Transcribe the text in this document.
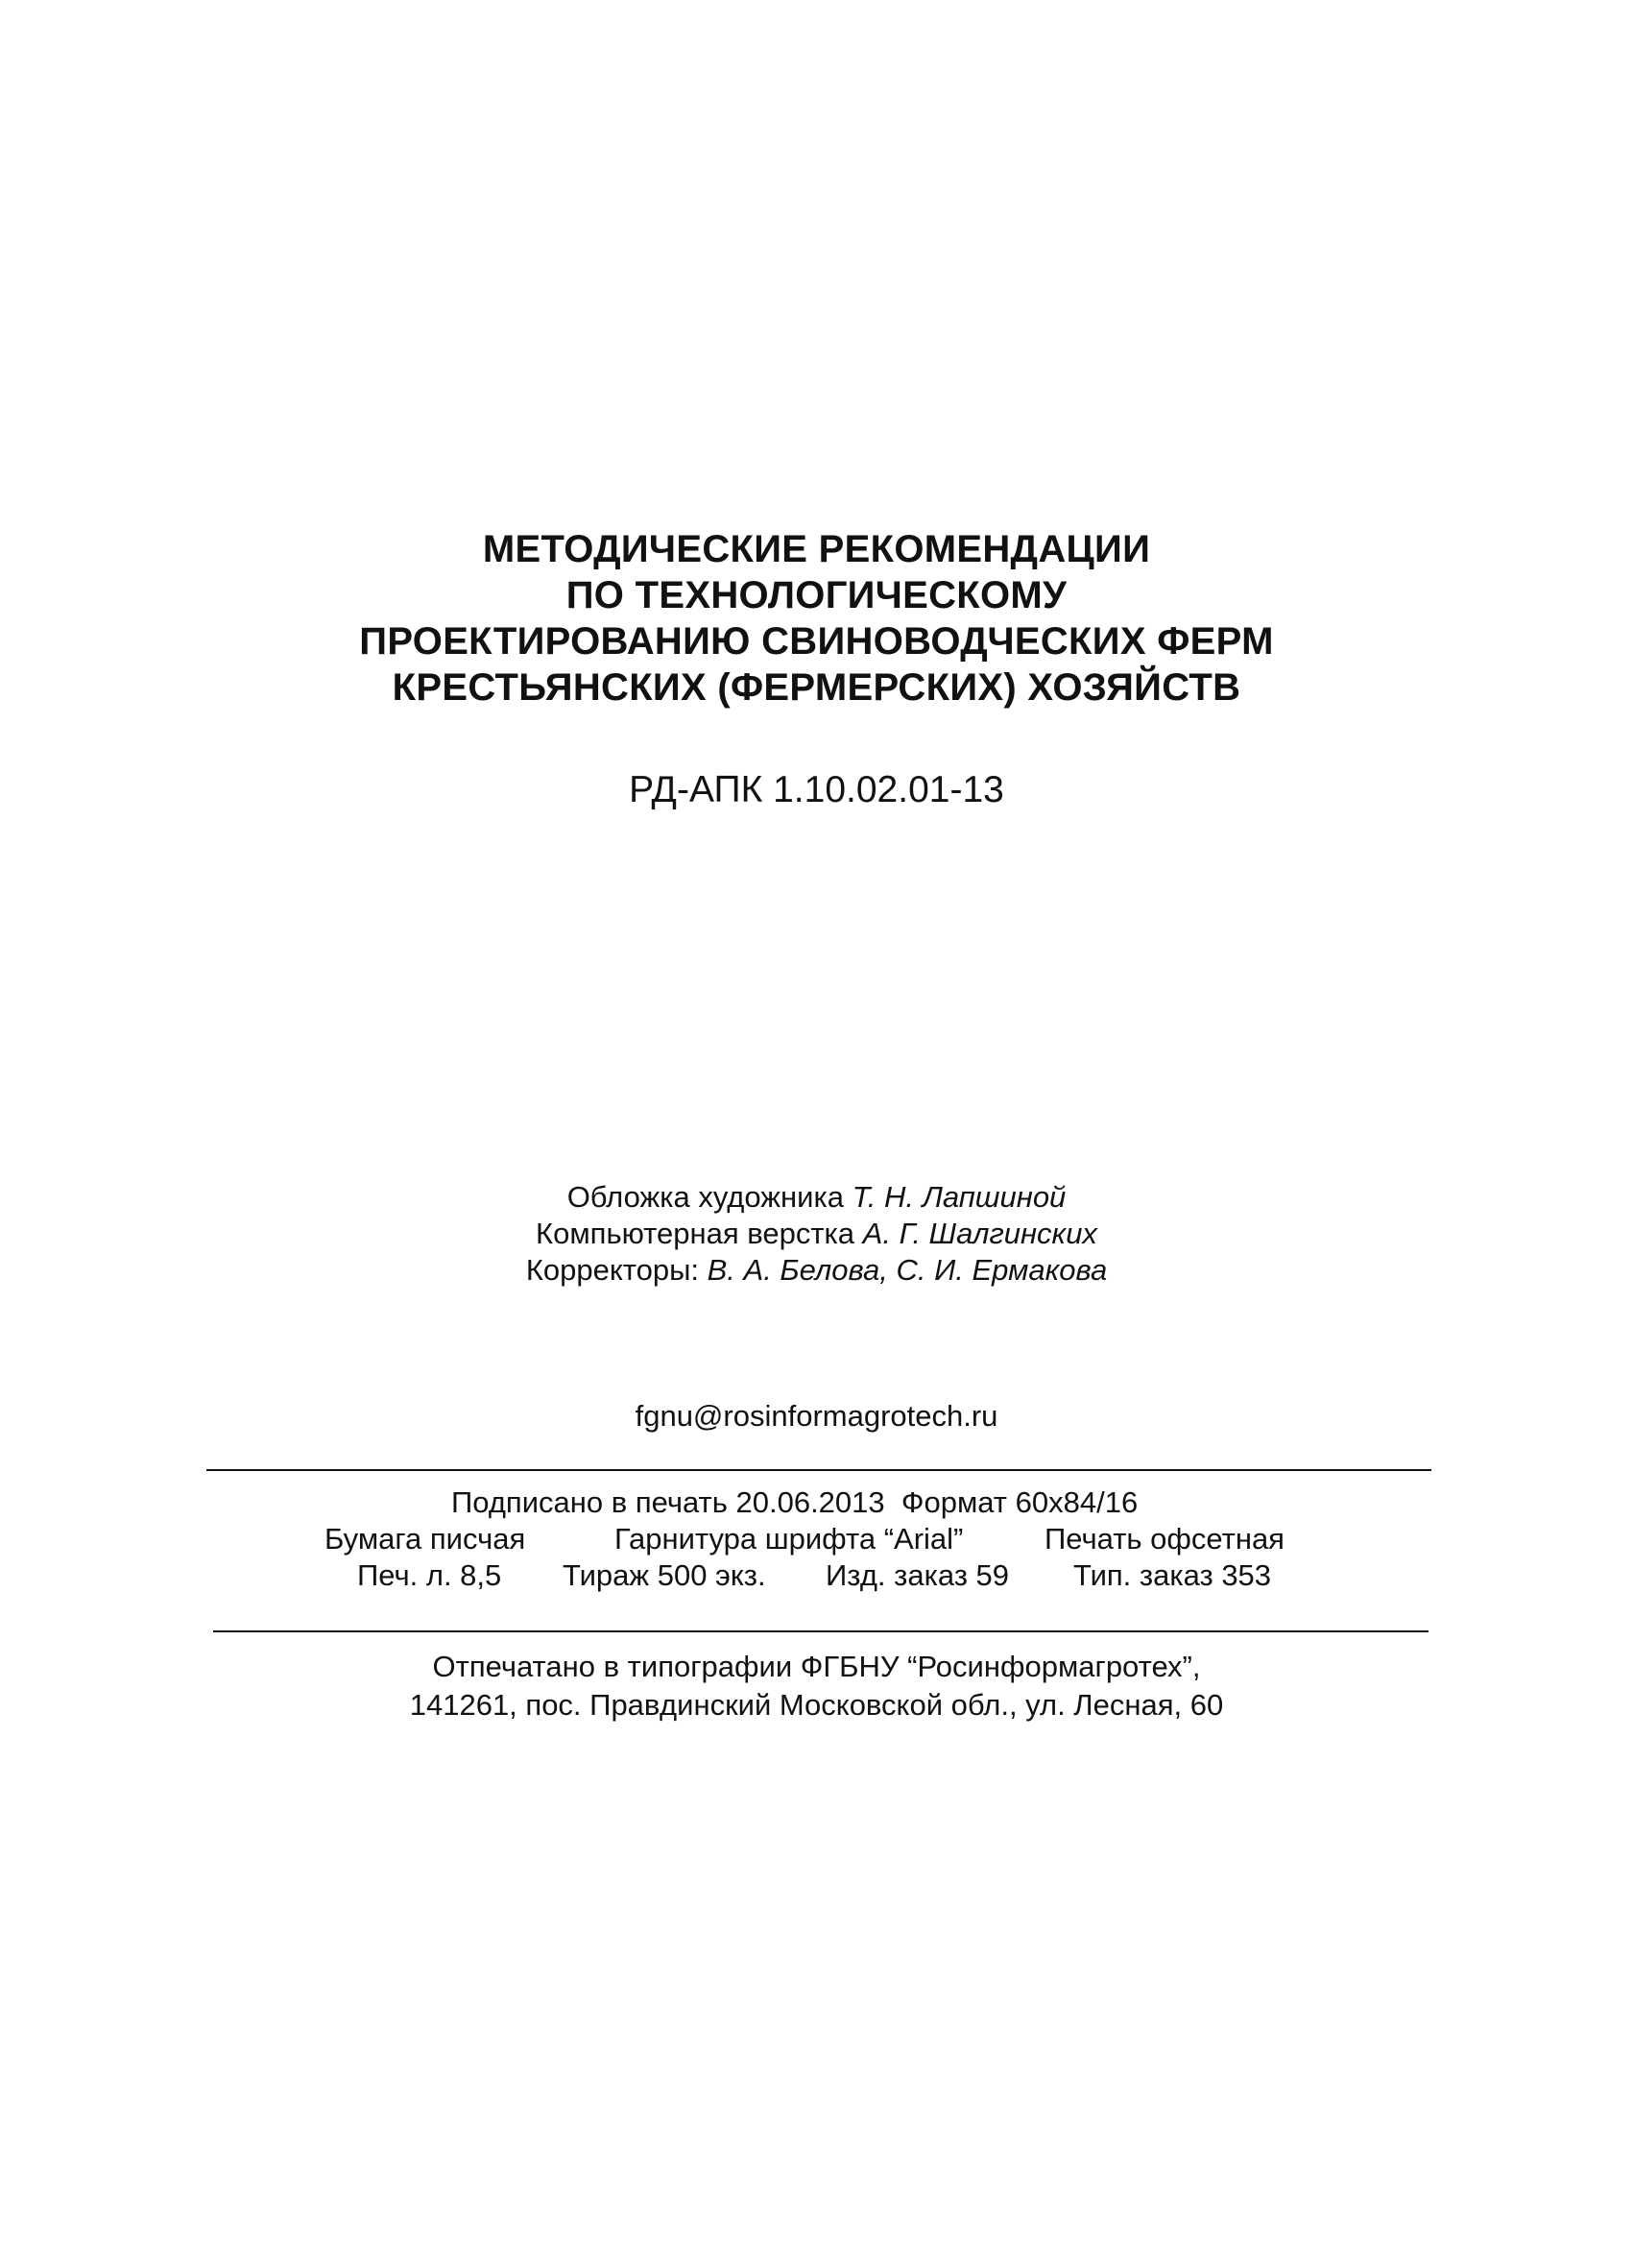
МЕТОДИЧЕСКИЕ РЕКОМЕНДАЦИИ
ПО ТЕХНОЛОГИЧЕСКОМУ
ПРОЕКТИРОВАНИЮ СВИНОВОДЧЕСКИХ ФЕРМ
КРЕСТЬЯНСКИХ (ФЕРМЕРСКИХ) ХОЗЯЙСТВ
РД-АПК 1.10.02.01-13
Обложка художника Т. Н. Лапшиной
Компьютерная верстка А. Г. Шалгинских
Корректоры: В. А. Белова, С. И. Ермакова
fgnu@rosinformagrotech.ru
Подписано в печать 20.06.2013 Формат 60x84/16
Бумага писчая	Гарнитура шрифта “Arial”	Печать офсетная
Печ. л. 8,5 Тираж 500 экз. Изд. заказ 59 Тип. заказ 353
Отпечатано в типографии ФГБНУ “Росинформагротех”,
141261, пос. Правдинский Московской обл., ул. Лесная, 60
